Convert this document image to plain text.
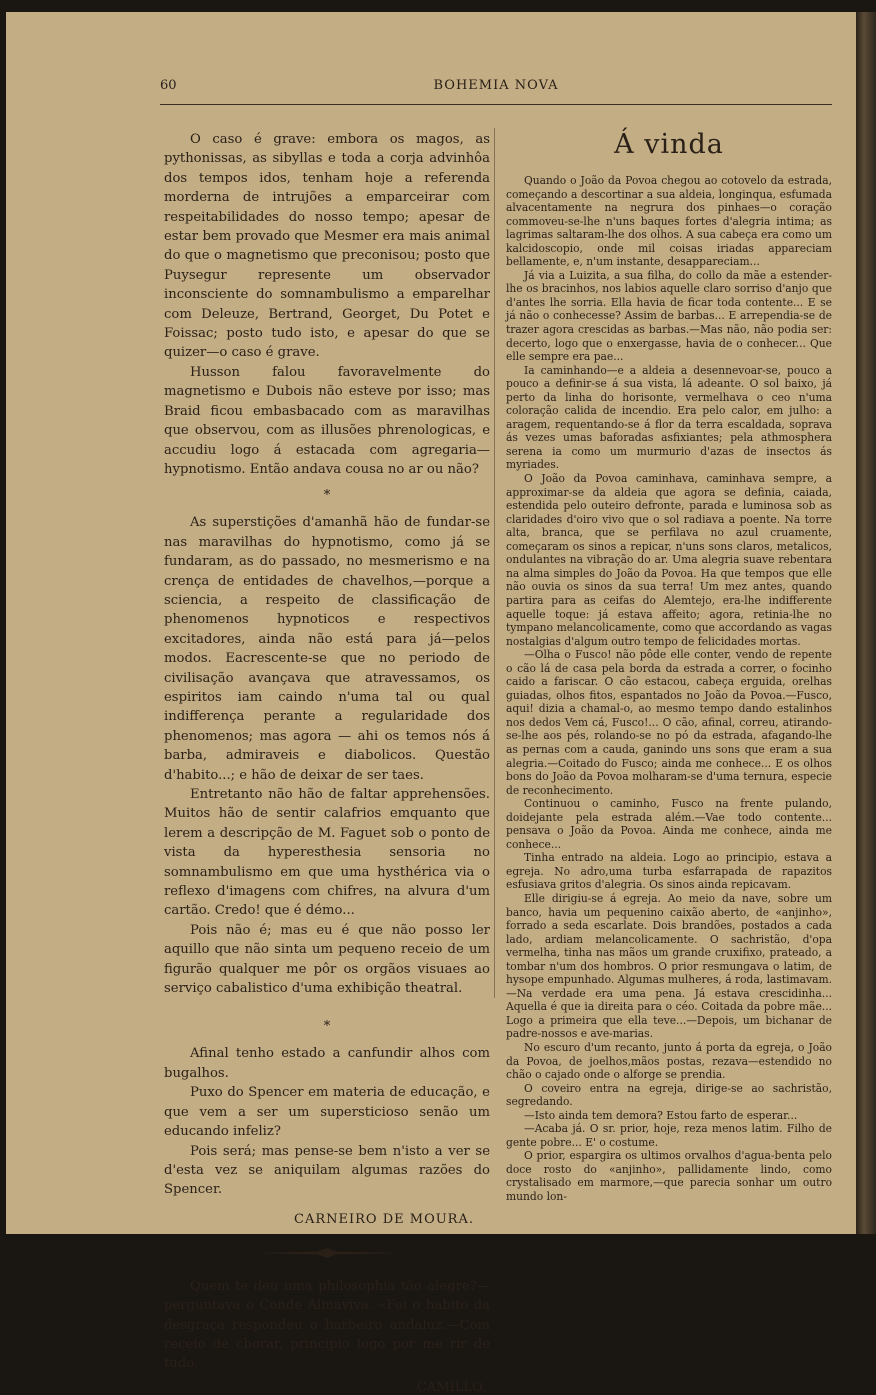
60	BOHEMIA NOVA

O caso é grave: embora os magos, as pythonissas, as sibyllas e toda a corja advinhôa dos tempos idos, tenham hoje a referenda morderna de intrujões a emparceirar com respeitabilidades do nosso tempo; apesar de estar bem provado que Mesmer era mais animal do que o magnetismo que preconisou; posto que Puysegur represente um observador inconsciente do somnambulismo a emparelhar com Deleuze, Bertrand, Georget, Du Potet e Foissac; posto tudo isto, e apesar do que se quizer—o caso é grave.

Husson falou favoravelmente do magnetismo e Dubois não esteve por isso; mas Braid ficou embasbacado com as maravilhas que observou, com as illusões phrenologicas, e accudiu logo á estacada com agregaria—hypnotismo. Então andava cousa no ar ou não?

*

As superstições d'amanhã hão de fundar-se nas maravilhas do hypnotismo, como já se fundaram, as do passado, no mesmerismo e na crença de entidades de chavelhos,—porque a sciencia, a respeito de classificação de phenomenos hypnoticos e respectivos excitadores, ainda não está para já—pelos modos. Eacrescente-se que no periodo de civilisação avançava que atravessamos, os espiritos iam caindo n'uma tal ou qual indifferença perante a regularidade dos phenomenos; mas agora — ahi os temos nós á barba, admiraveis e diabolicos. Questão d'habito...; e hão de deixar de ser taes.

Entretanto não hão de faltar apprehensões. Muitos hão de sentir calafrios emquanto que lerem a descripção de M. Faguet sob o ponto de vista da hyperesthesia sensoria no somnambulismo em que uma hysthérica via o reflexo d'imagens com chifres, na alvura d'um cartão. Credo! que é démo...

Pois não é; mas eu é que não posso ler aquillo que não sinta um pequeno receio de um figurão qualquer me pôr os orgãos visuaes ao serviço cabalistico d'uma exhibição theatral.

*

Afinal tenho estado a canfundir alhos com bugalhos.

Puxo do Spencer em materia de educação, e que vem a ser um supersticioso senão um educando infeliz?

Pois será; mas pense-se bem n'isto a ver se d'esta vez se aniquilam algumas razões do Spencer.

CARNEIRO DE MOURA.

Quem te deu uma philosophia tão alegre?—perguntava o Conde Almaviva. «Foi o habito da desgraça respondeu o barbeiro andaluz.—Com receio de chorar, principio logo por me rir de tudo.

CAMILLO.
Á vinda

Quando o João da Povoa chegou ao cotovelo da estrada, começando a descortinar a sua aldeia, longinqua, esfumada alvacentamente na negrura dos pinhaes—o coração commoveu-se-lhe n'uns baques fortes d'alegria intima; as lagrimas saltaram-lhe dos olhos. A sua cabeça era como um kalcidoscopio, onde mil coisas iriadas appareciam bellamente, e, n'um instante, desappareciam...

Já via a Luizita, a sua filha, do collo da mãe a estender-lhe os bracinhos, nos labios aquelle claro sorriso d'anjo que d'antes lhe sorria. Ella havia de ficar toda contente... E se já não o conhecesse? Assim de barbas... E arrependia-se de trazer agora crescidas as barbas.—Mas não, não podia ser: decerto, logo que o enxergasse, havia de o conhecer... Que elle sempre era pae...

Ia caminhando—e a aldeia a desennevoar-se, pouco a pouco a definir-se á sua vista, lá adeante. O sol baixo, já perto da linha do horisonte, vermelhava o ceo n'uma coloração calida de incendio. Era pelo calor, em julho: a aragem, requentando-se á flor da terra escaldada, soprava ás vezes umas baforadas asfixiantes; pela athmosphera serena ia como um murmurio d'azas de insectos ás myriades.

O João da Povoa caminhava, caminhava sempre, a approximar-se da aldeia que agora se definia, caiada, estendida pelo outeiro defronte, parada e luminosa sob as claridades d'oiro vivo que o sol radiava a poente. Na torre alta, branca, que se perfilava no azul cruamente, começaram os sinos a repicar, n'uns sons claros, metalicos, ondulantes na vibração do ar. Uma alegria suave rebentara na alma simples do João da Povoa. Ha que tempos que elle não ouvia os sinos da sua terra! Um mez antes, quando partira para as ceifas do Alemtejo, era-lhe indifferente aquelle toque: já estava affeito; agora, retinia-lhe no tympano melancolicamente, como que accordando as vagas nostalgias d'algum outro tempo de felicidades mortas.

—Olha o Fusco! não pôde elle conter, vendo de repente o cão lá de casa pela borda da estrada a correr, o focinho caido a fariscar. O cão estacou, cabeça erguida, orelhas guiadas, olhos fitos, espantados no João da Povoa.—Fusco, aqui! dizia a chamal-o, ao mesmo tempo dando estalinhos nos dedos Vem cá, Fusco!... O cão, afinal, correu, atirando-se-lhe aos pés, rolando-se no pó da estrada, afagando-lhe as pernas com a cauda, ganindo uns sons que eram a sua alegria.—Coitado do Fusco; ainda me conhece... E os olhos bons do João da Povoa molharam-se d'uma ternura, especie de reconhecimento.

Continuou o caminho, Fusco na frente pulando, doidejante pela estrada além.—Vae todo contente... pensava o João da Povoa. Ainda me conhece, ainda me conhece...

Tinha entrado na aldeia. Logo ao principio, estava a egreja. No adro,uma turba esfarrapada de rapazitos esfusiava gritos d'alegria. Os sinos ainda repicavam.

Elle dirigiu-se á egreja. Ao meio da nave, sobre um banco, havia um pequenino caixão aberto, de «anjinho», forrado a seda escarlate. Dois brandões, postados a cada lado, ardiam melancolicamente. O sachristão, d'opa vermelha, tinha nas mãos um grande cruxifixo, prateado, a tombar n'um dos hombros. O prior resmungava o latim, de hysope empunhado. Algumas mulheres, á roda, lastimavam.—Na verdade era uma pena. Já estava crescidinha... Aquella é que ia direita para o céo. Coitada da pobre mãe... Logo a primeira que ella teve...—Depois, um bichanar de padre-nossos e ave-marias.

No escuro d'um recanto, junto á porta da egreja, o João da Povoa, de joelhos,mãos postas, rezava—estendido no chão o cajado onde o alforge se prendia.

O coveiro entra na egreja, dirige-se ao sachristão, segredando.

—Isto ainda tem demora? Estou farto de esperar...

—Acaba já. O sr. prior, hoje, reza menos latim. Filho de gente pobre... E' o costume.

O prior, espargira os ultimos orvalhos d'agua-benta pelo doce rosto do «anjinho», pallidamente lindo, como crystalisado em marmore,—que parecia sonhar um outro mundo lon-
